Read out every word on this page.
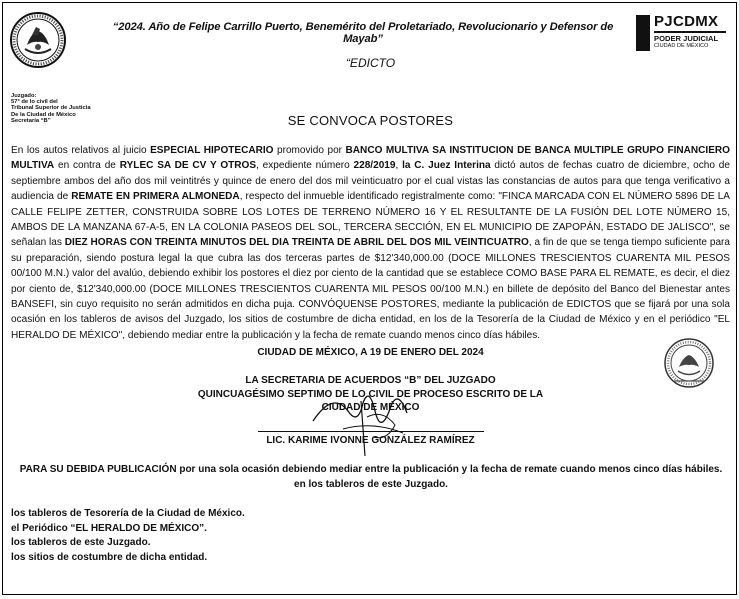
“2024. Año de Felipe Carrillo Puerto, Benemérito del Proletariado, Revolucionario y Defensor de Mayab”
PJCDMX
PODER JUDICIAL
CIUDAD DE MÉXICO
“EDICTO
Juzgado:
57° de lo civil del
Tribunal Superior de Justicia
De la Ciudad de México
Secretaría “B”	SE CONVOCA POSTORES
En los autos relativos al juicio ESPECIAL HIPOTECARIO promovido por BANCO MULTIVA SA INSTITUCION DE BANCA MULTIPLE GRUPO FINANCIERO MULTIVA en contra de RYLEC SA DE CV Y OTROS, expediente número 228/2019, la C. Juez Interina dictó autos de fechas cuatro de diciembre, ocho de septiembre ambos del año dos mil veintitrés y quince de enero del dos mil veinticuatro por el cual vistas las constancias de autos para que tenga verificativo a audiencia de REMATE EN PRIMERA ALMONEDA, respecto del inmueble identificado registralmente como: "FINCA MARCADA CON EL NÚMERO 5896 DE LA CALLE FELIPE ZETTER, CONSTRUIDA SOBRE LOS LOTES DE TERRENO NÚMERO 16 Y EL RESULTANTE DE LA FUSIÓN DEL LOTE NÚMERO 15, AMBOS DE LA MANZANA 67-A-5, EN LA COLONIA PASEOS DEL SOL, TERCERA SECCIÓN, EN EL MUNICIPIO DE ZAPOPÁN, ESTADO DE JALISCO", se señalan las DIEZ HORAS CON TREINTA MINUTOS DEL DIA TREINTA DE ABRIL DEL DOS MIL VEINTICUATRO, a fin de que se tenga tiempo suficiente para su preparación, siendo postura legal la que cubra las dos terceras partes de $12'340,000.00 (DOCE MILLONES TRESCIENTOS CUARENTA MIL PESOS 00/100 M.N.) valor del avalúo, debiendo exhibir los postores el diez por ciento de la cantidad que se establece COMO BASE PARA EL REMATE, es decir, el diez por ciento de, $12'340,000.00 (DOCE MILLONES TRESCIENTOS CUARENTA MIL PESOS 00/100 M.N.) en billete de depósito del Banco del Bienestar antes BANSEFI, sin cuyo requisito no serán admitidos en dicha puja. CONVÓQUENSE POSTORES, mediante la publicación de EDICTOS que se fijará por una sola ocasión en los tableros de avisos del Juzgado, los sitios de costumbre de dicha entidad, en los de la Tesorería de la Ciudad de México y en el periódico "EL HERALDO DE MÉXICO", debiendo mediar entre la publicación y la fecha de remate cuando menos cinco días hábiles.
CIUDAD DE MÉXICO, A 19 DE ENERO DEL 2024
LA SECRETARIA DE ACUERDOS “B” DEL JUZGADO
QUINCUAGÉSIMO SEPTIMO DE LO CIVIL DE PROCESO ESCRITO DE LA
CIUDAD DE MÉXICO
LIC. KARIME IVONNE GONZÁLEZ RAMÍREZ
PARA SU DEBIDA PUBLICACIÓN por una sola ocasión debiendo mediar entre la publicación y la fecha de remate cuando menos cinco días hábiles. en los tableros de este Juzgado.
los tableros de Tesorería de la Ciudad de México.
el Periódico “EL HERALDO DE MÉXICO”.
los tableros de este Juzgado.
los sitios de costumbre de dicha entidad.
